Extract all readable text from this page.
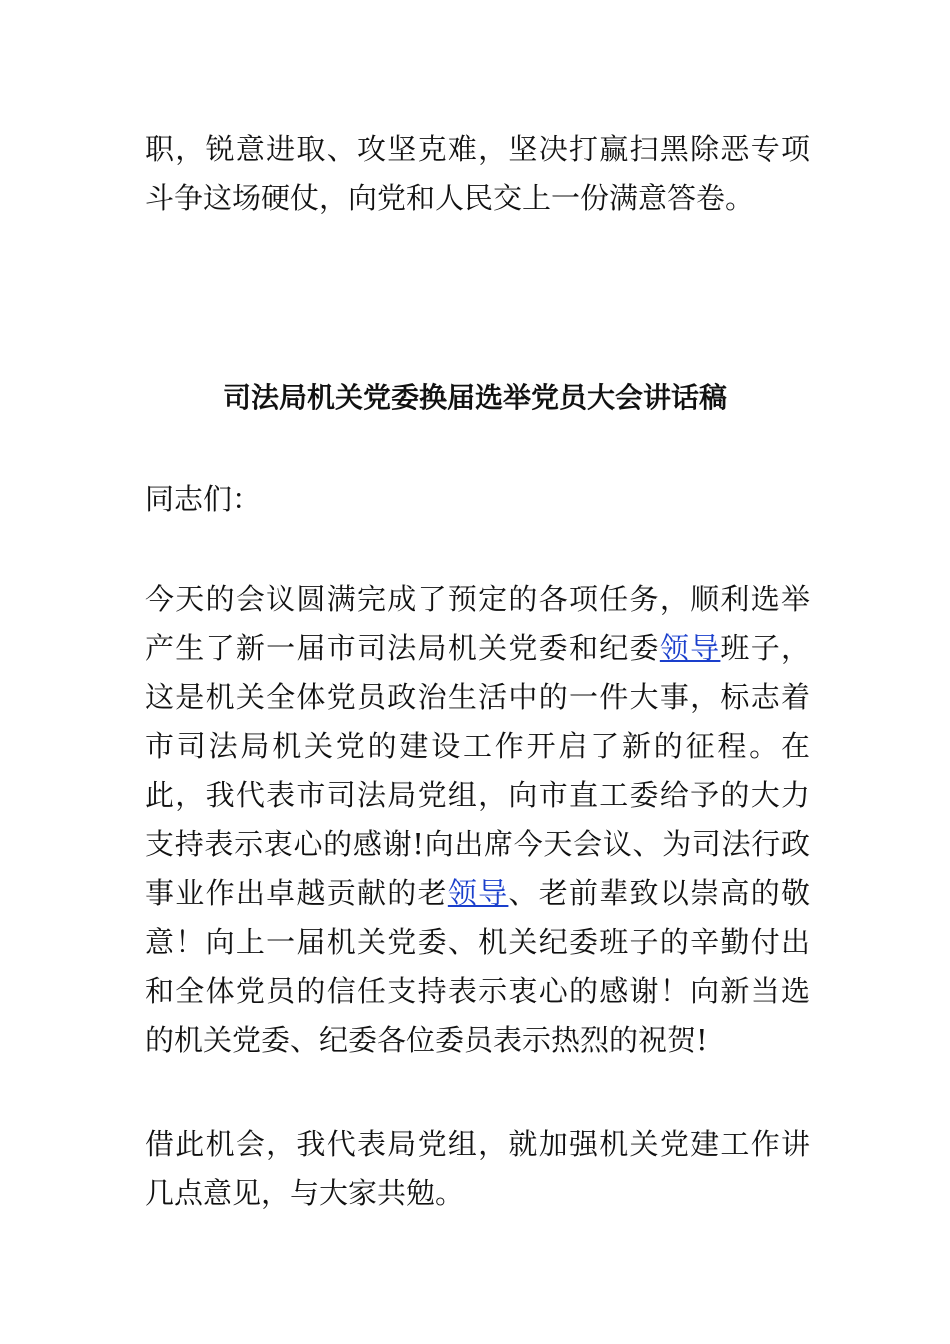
职，锐意进取、攻坚克难，坚决打赢扫黑除恶专项斗争这场硬仗，向党和人民交上一份满意答卷。

司法局机关党委换届选举党员大会讲话稿

同志们：

今天的会议圆满完成了预定的各项任务，顺利选举产生了新一届市司法局机关党委和纪委领导班子，这是机关全体党员政治生活中的一件大事，标志着市司法局机关党的建设工作开启了新的征程。在此，我代表市司法局党组，向市直工委给予的大力支持表示衷心的感谢!向出席今天会议、为司法行政事业作出卓越贡献的老领导、老前辈致以崇高的敬意！向上一届机关党委、机关纪委班子的辛勤付出和全体党员的信任支持表示衷心的感谢！向新当选的机关党委、纪委各位委员表示热烈的祝贺!

借此机会，我代表局党组，就加强机关党建工作讲几点意见，与大家共勉。
